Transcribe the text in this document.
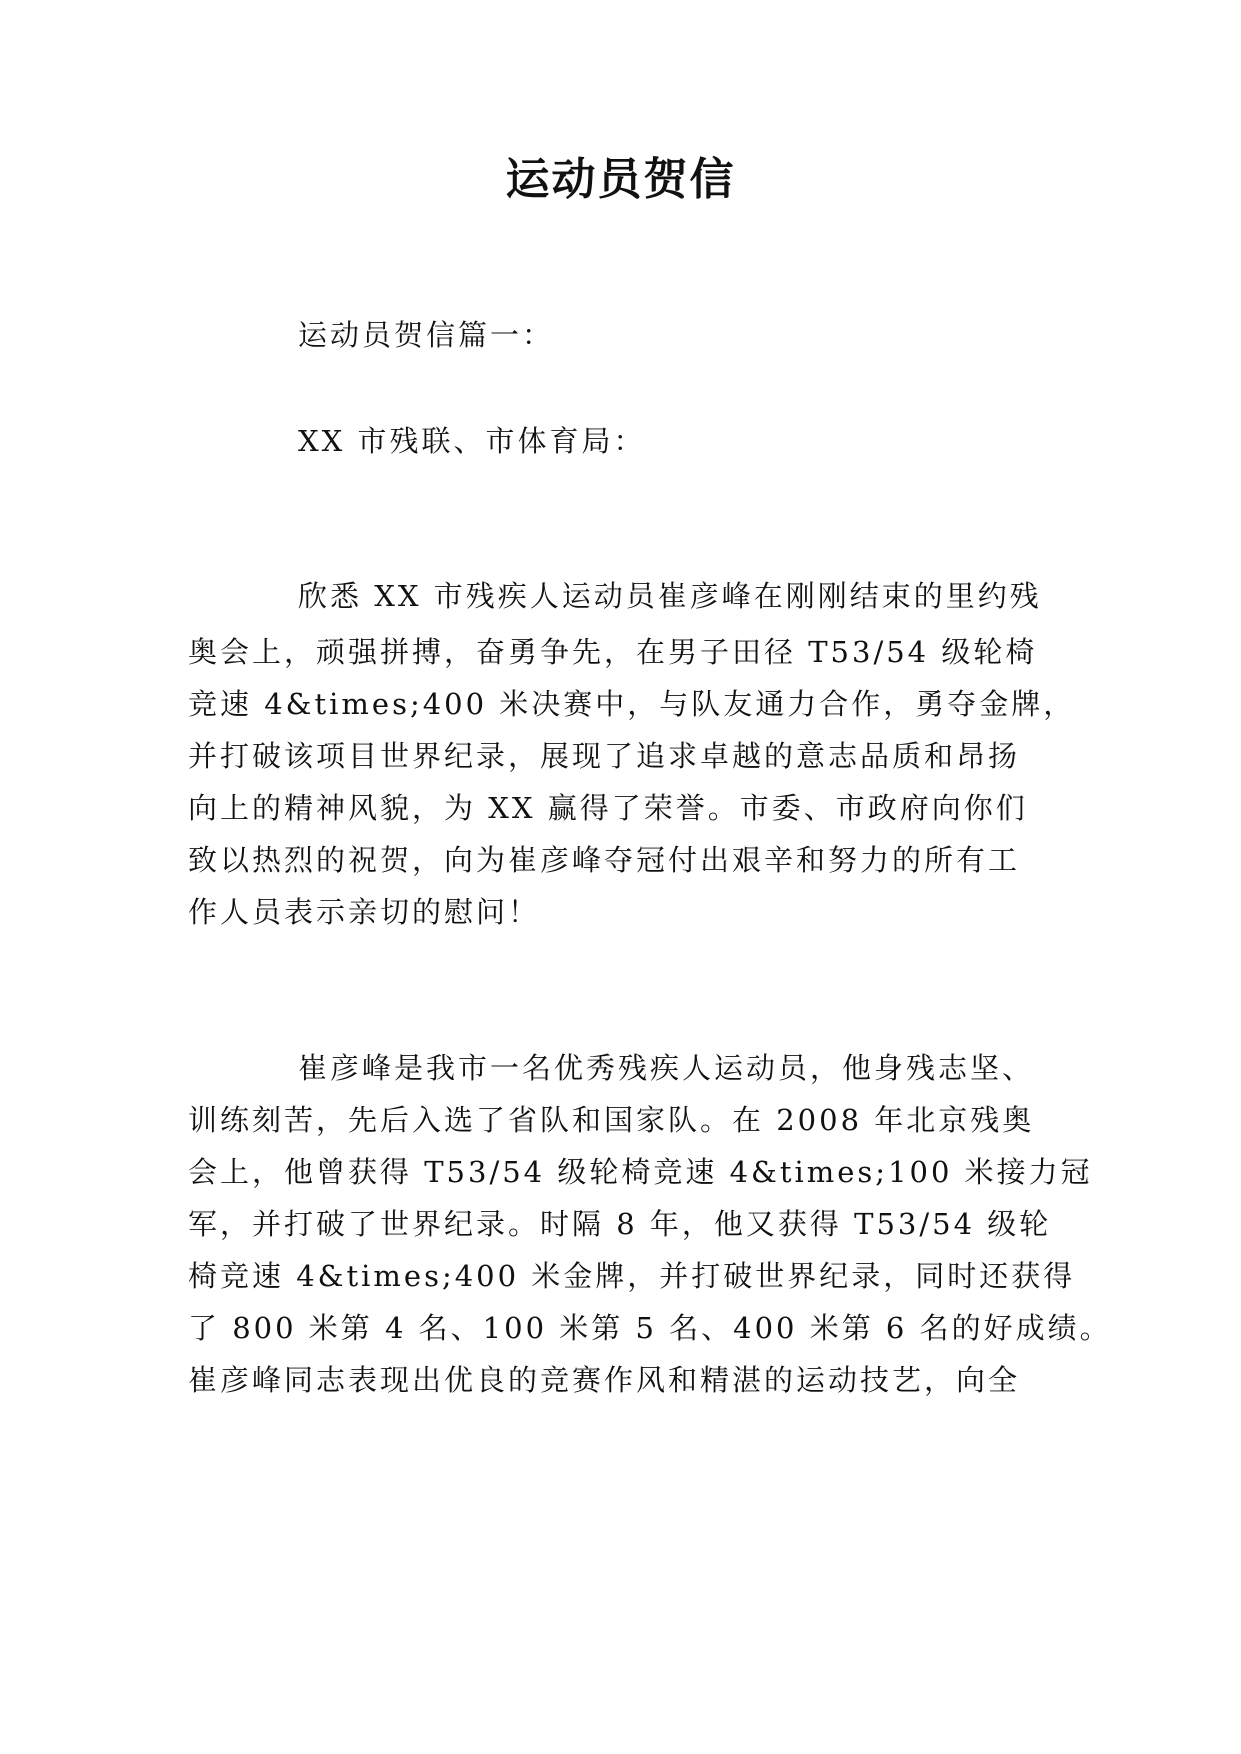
运动员贺信
运动员贺信篇一：
XX 市残联、市体育局：
欣悉 XX 市残疾人运动员崔彦峰在刚刚结束的里约残
奥会上，顽强拼搏，奋勇争先，在男子田径 T53/54 级轮椅
竞速 4&times;400 米决赛中，与队友通力合作，勇夺金牌，
并打破该项目世界纪录，展现了追求卓越的意志品质和昂扬
向上的精神风貌，为 XX 赢得了荣誉。市委、市政府向你们
致以热烈的祝贺，向为崔彦峰夺冠付出艰辛和努力的所有工
作人员表示亲切的慰问！
崔彦峰是我市一名优秀残疾人运动员，他身残志坚、
训练刻苦，先后入选了省队和国家队。在 2008 年北京残奥
会上，他曾获得 T53/54 级轮椅竞速 4&times;100 米接力冠
军，并打破了世界纪录。时隔 8 年，他又获得 T53/54 级轮
椅竞速 4&times;400 米金牌，并打破世界纪录，同时还获得
了 800 米第 4 名、100 米第 5 名、400 米第 6 名的好成绩。
崔彦峰同志表现出优良的竞赛作风和精湛的运动技艺，向全
